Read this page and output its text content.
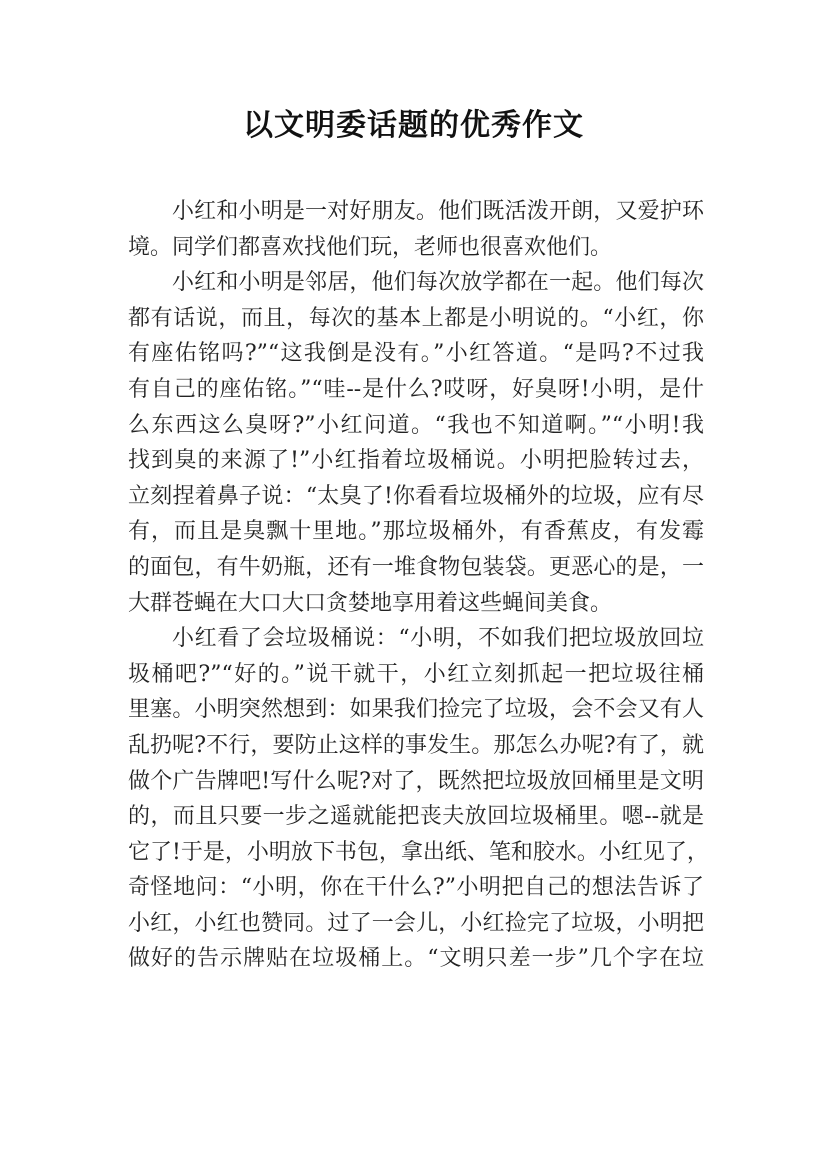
以文明委话题的优秀作文
小红和小明是一对好朋友。他们既活泼开朗，又爱护环
境。同学们都喜欢找他们玩，老师也很喜欢他们。
小红和小明是邻居，他们每次放学都在一起。他们每次
都有话说，而且，每次的基本上都是小明说的。“小红，你
有座佑铭吗?”“这我倒是没有。”小红答道。“是吗?不过我
有自己的座佑铭。”“哇--是什么?哎呀，好臭呀!小明，是什
么东西这么臭呀?”小红问道。“我也不知道啊。”“小明!我
找到臭的来源了!”小红指着垃圾桶说。小明把脸转过去，
立刻捏着鼻子说：“太臭了!你看看垃圾桶外的垃圾，应有尽
有，而且是臭飘十里地。”那垃圾桶外，有香蕉皮，有发霉
的面包，有牛奶瓶，还有一堆食物包装袋。更恶心的是，一
大群苍蝇在大口大口贪婪地享用着这些蝇间美食。
小红看了会垃圾桶说：“小明，不如我们把垃圾放回垃
圾桶吧?”“好的。”说干就干，小红立刻抓起一把垃圾往桶
里塞。小明突然想到：如果我们捡完了垃圾，会不会又有人
乱扔呢?不行，要防止这样的事发生。那怎么办呢?有了，就
做个广告牌吧!写什么呢?对了，既然把垃圾放回桶里是文明
的，而且只要一步之遥就能把丧夫放回垃圾桶里。嗯--就是
它了!于是，小明放下书包，拿出纸、笔和胶水。小红见了，
奇怪地问：“小明，你在干什么?”小明把自己的想法告诉了
小红，小红也赞同。过了一会儿，小红捡完了垃圾，小明把
做好的告示牌贴在垃圾桶上。“文明只差一步”几个字在垃
